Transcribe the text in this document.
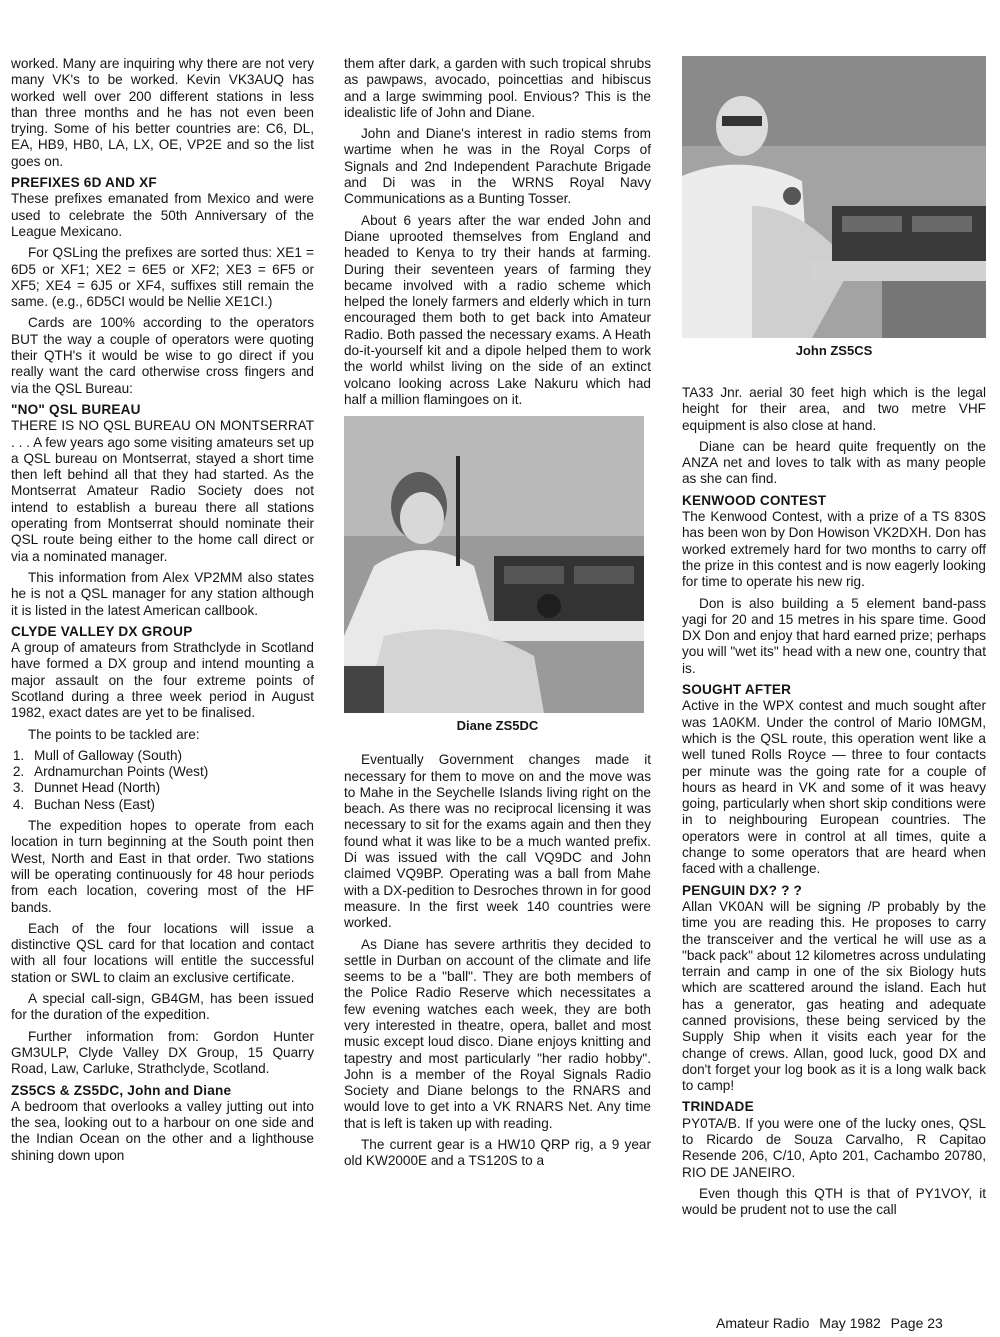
worked. Many are inquiring why there are not very many VK's to be worked. Kevin VK3AUQ has worked well over 200 different stations in less than three months and he has not even been trying. Some of his better countries are: C6, DL, EA, HB9, HB0, LA, LX, OE, VP2E and so the list goes on.

PREFIXES 6D AND XF

These prefixes emanated from Mexico and were used to celebrate the 50th Anniversary of the League Mexicano.

For QSLing the prefixes are sorted thus: XE1 = 6D5 or XF1; XE2 = 6E5 or XF2; XE3 = 6F5 or XF5; XE4 = 6J5 or XF4, suffixes still remain the same. (e.g., 6D5CI would be Nellie XE1CI.)

Cards are 100% according to the operators BUT the way a couple of operators were quoting their QTH's it would be wise to go direct if you really want the card otherwise cross fingers and via the QSL Bureau:

"NO" QSL BUREAU

THERE IS NO QSL BUREAU ON MONTSERRAT . . . A few years ago some visiting amateurs set up a QSL bureau on Montserrat, stayed a short time then left behind all that they had started. As the Montserrat Amateur Radio Society does not intend to establish a bureau there all stations operating from Montserrat should nominate their QSL route being either to the home call direct or via a nominated manager.

This information from Alex VP2MM also states he is not a QSL manager for any station although it is listed in the latest American callbook.

CLYDE VALLEY DX GROUP

A group of amateurs from Strathclyde in Scotland have formed a DX group and intend mounting a major assault on the four extreme points of Scotland during a three week period in August 1982, exact dates are yet to be finalised.

The points to be tackled are:

1. Mull of Galloway (South)
2. Ardnamurchan Points (West)
3. Dunnet Head (North)
4. Buchan Ness (East)

The expedition hopes to operate from each location in turn beginning at the South point then West, North and East in that order. Two stations will be operating continuously for 48 hour periods from each location, covering most of the HF bands.

Each of the four locations will issue a distinctive QSL card for that location and contact with all four locations will entitle the successful station or SWL to claim an exclusive certificate.

A special call-sign, GB4GM, has been issued for the duration of the expedition.

Further information from: Gordon Hunter GM3ULP, Clyde Valley DX Group, 15 Quarry Road, Law, Carluke, Strathclyde, Scotland.

ZS5CS & ZS5DC, John and Diane

A bedroom that overlooks a valley jutting out into the sea, looking out to a harbour on one side and the Indian Ocean on the other and a lighthouse shining down upon

them after dark, a garden with such tropical shrubs as pawpaws, avocado, poincettias and hibiscus and a large swimming pool. Envious? This is the idealistic life of John and Diane.

John and Diane's interest in radio stems from wartime when he was in the Royal Corps of Signals and 2nd Independent Parachute Brigade and Di was in the WRNS Royal Navy Communications as a Bunting Tosser.

About 6 years after the war ended John and Diane uprooted themselves from England and headed to Kenya to try their hands at farming. During their seventeen years of farming they became involved with a radio scheme which helped the lonely farmers and elderly which in turn encouraged them both to get back into Amateur Radio. Both passed the necessary exams. A Heath do-it-yourself kit and a dipole helped them to work the world whilst living on the side of an extinct volcano looking across Lake Nakuru which had half a million flamingoes on it.

Diane ZS5DC

Eventually Government changes made it necessary for them to move on and the move was to Mahe in the Seychelle Islands living right on the beach. As there was no reciprocal licensing it was necessary to sit for the exams again and then they found what it was like to be a much wanted prefix. Di was issued with the call VQ9DC and John claimed VQ9BP. Operating was a ball from Mahe with a DX-pedition to Desroches thrown in for good measure. In the first week 140 countries were worked.

As Diane has severe arthritis they decided to settle in Durban on account of the climate and life seems to be a "ball". They are both members of the Police Radio Reserve which necessitates a few evening watches each week, they are both very interested in theatre, opera, ballet and most music except loud disco. Diane enjoys knitting and tapestry and most particularly "her radio hobby". John is a member of the Royal Signals Radio Society and Diane belongs to the RNARS and would love to get into a VK RNARS Net. Any time that is left is taken up with reading.

The current gear is a HW10 QRP rig, a 9 year old KW2000E and a TS120S to a

John ZS5CS

TA33 Jnr. aerial 30 feet high which is the legal height for their area, and two metre VHF equipment is also close at hand.

Diane can be heard quite frequently on the ANZA net and loves to talk with as many people as she can find.

KENWOOD CONTEST

The Kenwood Contest, with a prize of a TS 830S has been won by Don Howison VK2DXH. Don has worked extremely hard for two months to carry off the prize in this contest and is now eagerly looking for time to operate his new rig.

Don is also building a 5 element band-pass yagi for 20 and 15 metres in his spare time. Good DX Don and enjoy that hard earned prize; perhaps you will "wet its" head with a new one, country that is.

SOUGHT AFTER

Active in the WPX contest and much sought after was 1A0KM. Under the control of Mario I0MGM, which is the QSL route, this operation went like a well tuned Rolls Royce — three to four contacts per minute was the going rate for a couple of hours as heard in VK and some of it was heavy going, particularly when short skip conditions were in to neighbouring European countries. The operators were in control at all times, quite a change to some operators that are heard when faced with a challenge.

PENGUIN DX? ? ?

Allan VK0AN will be signing /P probably by the time you are reading this. He proposes to carry the transceiver and the vertical he will use as a "back pack" about 12 kilometres across undulating terrain and camp in one of the six Biology huts which are scattered around the island. Each hut has a generator, gas heating and adequate canned provisions, these being serviced by the Supply Ship when it visits each year for the change of crews. Allan, good luck, good DX and don't forget your log book as it is a long walk back to camp!

TRINDADE

PY0TA/B. If you were one of the lucky ones, QSL to Ricardo de Souza Carvalho, R Capitao Resende 206, C/10, Apto 201, Cachambo 20780, RIO DE JANEIRO.

Even though this QTH is that of PY1VOY, it would be prudent not to use the call

Amateur Radio May 1982 Page 23
